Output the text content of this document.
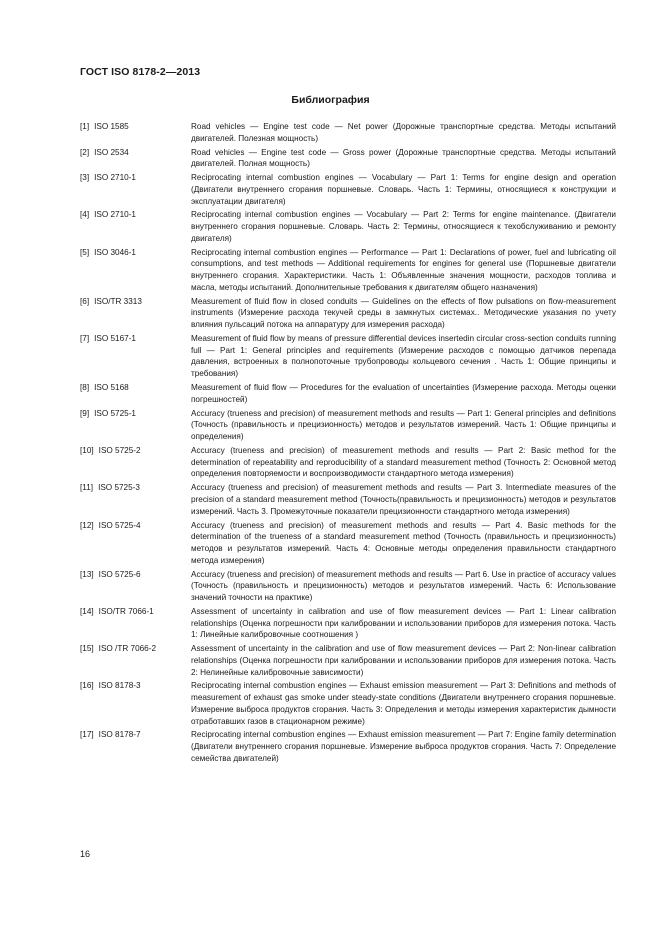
ГОСТ ISO 8178-2—2013
Библиография
[1] ISO 1585	Road vehicles — Engine test code — Net power (Дорожные транспортные средства. Методы испытаний двигателей. Полезная мощность)
[2] ISO 2534	Road vehicles — Engine test code — Gross power (Дорожные транспортные средства. Методы испытаний двигателей. Полная мощность)
[3] ISO 2710-1	Reciprocating internal combustion engines — Vocabulary — Part 1: Terms for engine design and operation (Двигатели внутреннего сгорания поршневые. Словарь. Часть 1: Термины, относящиеся к конструкции и эксплуатации двигателя)
[4] ISO 2710-1	Reciprocating internal combustion engines — Vocabulary — Part 2: Terms for engine maintenance. (Двигатели внутреннего сгорания поршневые. Словарь. Часть 2: Термины, относящиеся к техобслуживанию и ремонту двигателя)
[5] ISO 3046-1	Reciprocating internal combustion engines — Performance — Part 1: Declarations of power, fuel and lubricating oil consumptions, and test methods — Additional requirements for engines for general use (Поршневые двигатели внутреннего сгорания. Характеристики. Часть 1: Объявленные значения мощности, расходов топлива и масла, методы испытаний. Дополнительные требования к двигателям общего назначения)
[6] ISO/TR 3313	Measurement of fluid flow in closed conduits — Guidelines on the effects of flow pulsations on flow-measurement instruments (Измерение расхода текучей среды в замкнутых системах.. Методические указания по учету влияния пульсаций потока на аппаратуру для измерения расхода)
[7] ISO 5167-1	Measurement of fluid flow by means of pressure differential devices insertedin circular cross-section conduits running full — Part 1: General principles and requirements (Измерение расходов с помощью датчиков перепада давления, встроенных в полнопоточные трубопроводы кольцевого сечения . Часть 1: Общие принципы и требования)
[8] ISO 5168	Measurement of fluid flow — Procedures for the evaluation of uncertainties (Измерение расхода. Методы оценки погрешностей)
[9] ISO 5725-1	Accuracy (trueness and precision) of measurement methods and results — Part 1: General principles and definitions (Точность (правильность и прецизионность) методов и результатов измерений. Часть 1: Общие принципы и определения)
[10] ISO 5725-2	Accuracy (trueness and precision) of measurement methods and results — Part 2: Basic method for the determination of repeatability and reproducibility of a standard measurement method (Точность 2: Основной метод определения повторяемости и воспроизводимости стандартного метода измерения)
[11] ISO 5725-3	Accuracy (trueness and precision) of measurement methods and results — Part 3. Intermediate measures of the precision of a standard measurement method (Точность(правильность и прецизионность) методов и результатов измерений. Часть 3. Промежуточные показатели прецизионности стандартного метода измерения)
[12] ISO 5725-4	Accuracy (trueness and precision) of measurement methods and results — Part 4. Basic methods for the determination of the trueness of a standard measurement method (Точность (правильность и прецизионность) методов и результатов измерений. Часть 4: Основные методы определения правильности стандартного метода измерения)
[13] ISO 5725-6	Accuracy (trueness and precision) of measurement methods and results — Part 6. Use in practice of accuracy values (Точность (правильность и прецизионность) методов и результатов измерений. Часть 6: Использование значений точности на практике)
[14] ISO/TR 7066-1	Assessment of uncertainty in calibration and use of flow measurement devices — Part 1: Linear calibration relationships (Оценка погрешности при калибровании и использовании приборов для измерения потока. Часть 1: Линейные калибровочные соотношения )
[15] ISO /TR 7066-2	Assessment of uncertainty in the calibration and use of flow measurement devices — Part 2: Non-linear calibration relationships (Оценка погрешности при калибровании и использовании приборов для измерения потока. Часть 2: Нелинейные калибровочные зависимости)
[16] ISO 8178-3	Reciprocating internal combustion engines — Exhaust emission measurement — Part 3: Definitions and methods of measurement of exhaust gas smoke under steady-state conditions (Двигатели внутреннего сгорания поршневые. Измерение выброса продуктов сгорания. Часть 3: Определения и методы измерения характеристик дымности отработавших газов в стационарном режиме)
[17] ISO 8178-7	Reciprocating internal combustion engines — Exhaust emission measurement — Part 7: Engine family determination (Двигатели внутреннего сгорания поршневые. Измерение выброса продуктов сгорания. Часть 7: Определение семейства двигателей)
16
